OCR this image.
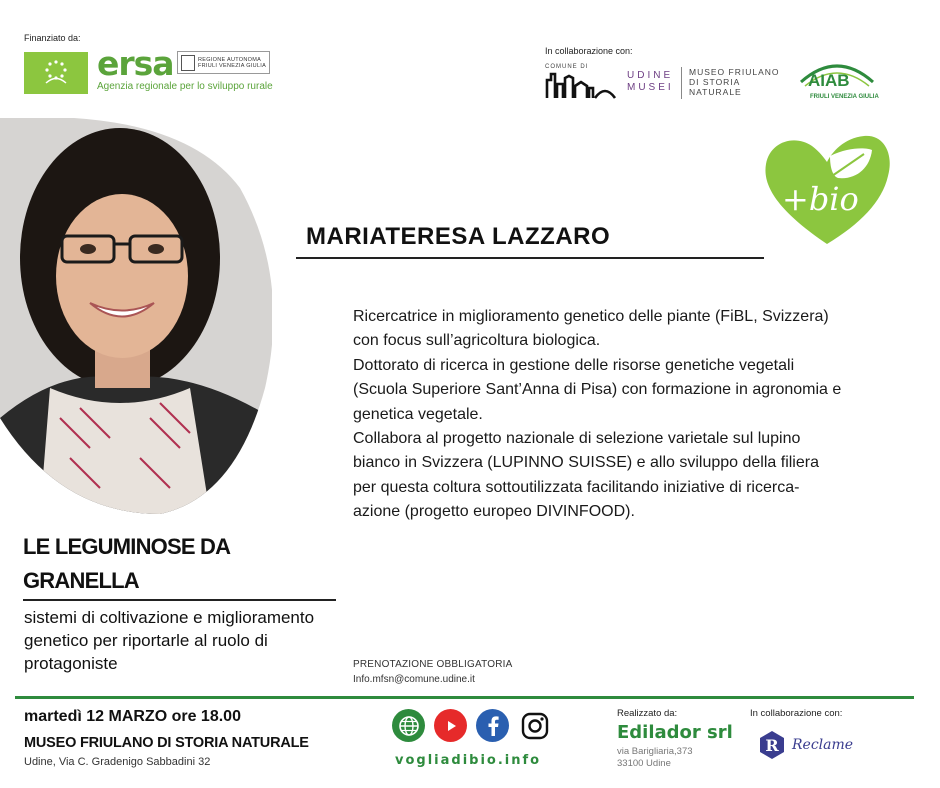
Finanziato da:
ersa
Agenzia regionale per lo sviluppo rurale
REGIONE AUTONOMA
FRIULI VENEZIA GIULIA
In collaborazione con:
COMUNE DI
UDINE
MUSEI
MUSEO FRIULANO
DI STORIA
NATURALE
AIAB
FRIULI VENEZIA GIULIA
MARIATERESA LAZZARO
+bio

Ricercatrice in miglioramento genetico delle piante (FiBL, Svizzera) con focus sull’agricoltura biologica.

Dottorato di ricerca in gestione delle risorse genetiche vegetali (Scuola Superiore Sant’Anna di Pisa) con formazione in agronomia e genetica vegetale.

Collabora al progetto nazionale di selezione varietale sul lupino bianco in Svizzera (LUPINNO SUISSE) e allo sviluppo della filiera per questa coltura sottoutilizzata facilitando iniziative di ricerca-azione (progetto europeo DIVINFOOD).

LE LEGUMINOSE DA
GRANELLA
sistemi di coltivazione e miglioramento genetico per riportarle al ruolo di protagoniste	PRENOTAZIONE OBBLIGATORIA
Info.mfsn@comune.udine.it
martedì 12 MARZO ore 18.00
MUSEO FRIULANO DI STORIA NATURALE
Udine, Via C. Gradenigo Sabbadini 32	vogliadibio.info
Realizzato da:
Edilador srl
via Barigliaria,373
33100 Udine
In collaborazione con:
R Reclame
